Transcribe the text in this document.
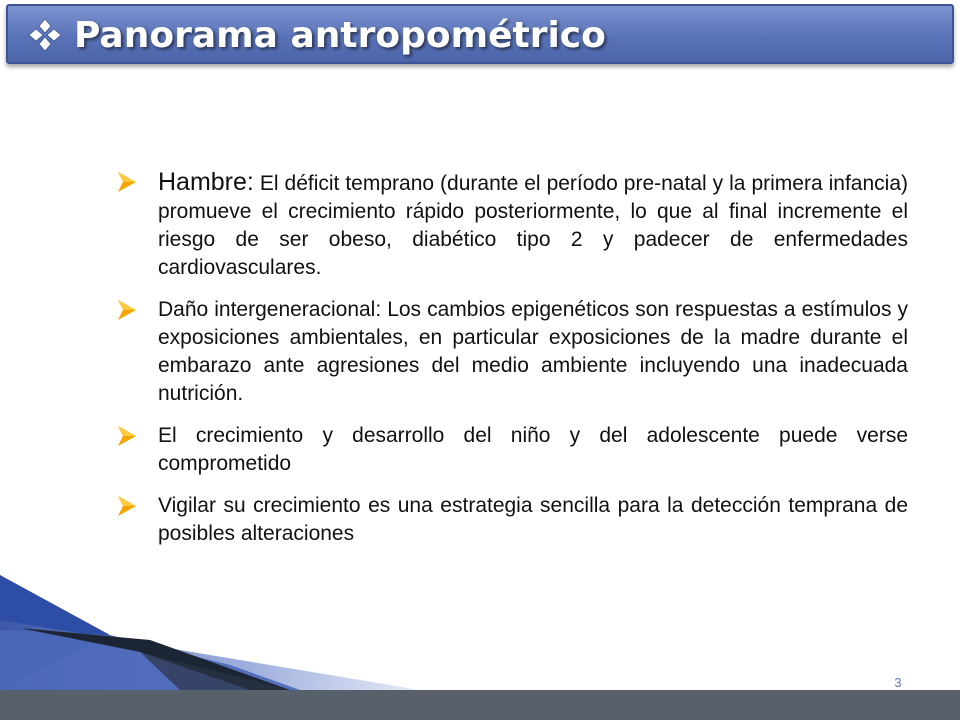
Panorama antropométrico
Hambre: El déficit temprano (durante el período pre-natal y la primera infancia) promueve el crecimiento rápido posteriormente, lo que al final incremente el riesgo de ser obeso, diabético tipo 2 y padecer de enfermedades cardiovasculares.
Daño intergeneracional: Los cambios epigenéticos son respuestas a estímulos y exposiciones ambientales, en particular exposiciones de la madre durante el embarazo ante agresiones del medio ambiente incluyendo una inadecuada nutrición.
El crecimiento y desarrollo del niño y del adolescente puede verse comprometido
Vigilar su crecimiento es una estrategia sencilla para la detección temprana de posibles alteraciones
3
